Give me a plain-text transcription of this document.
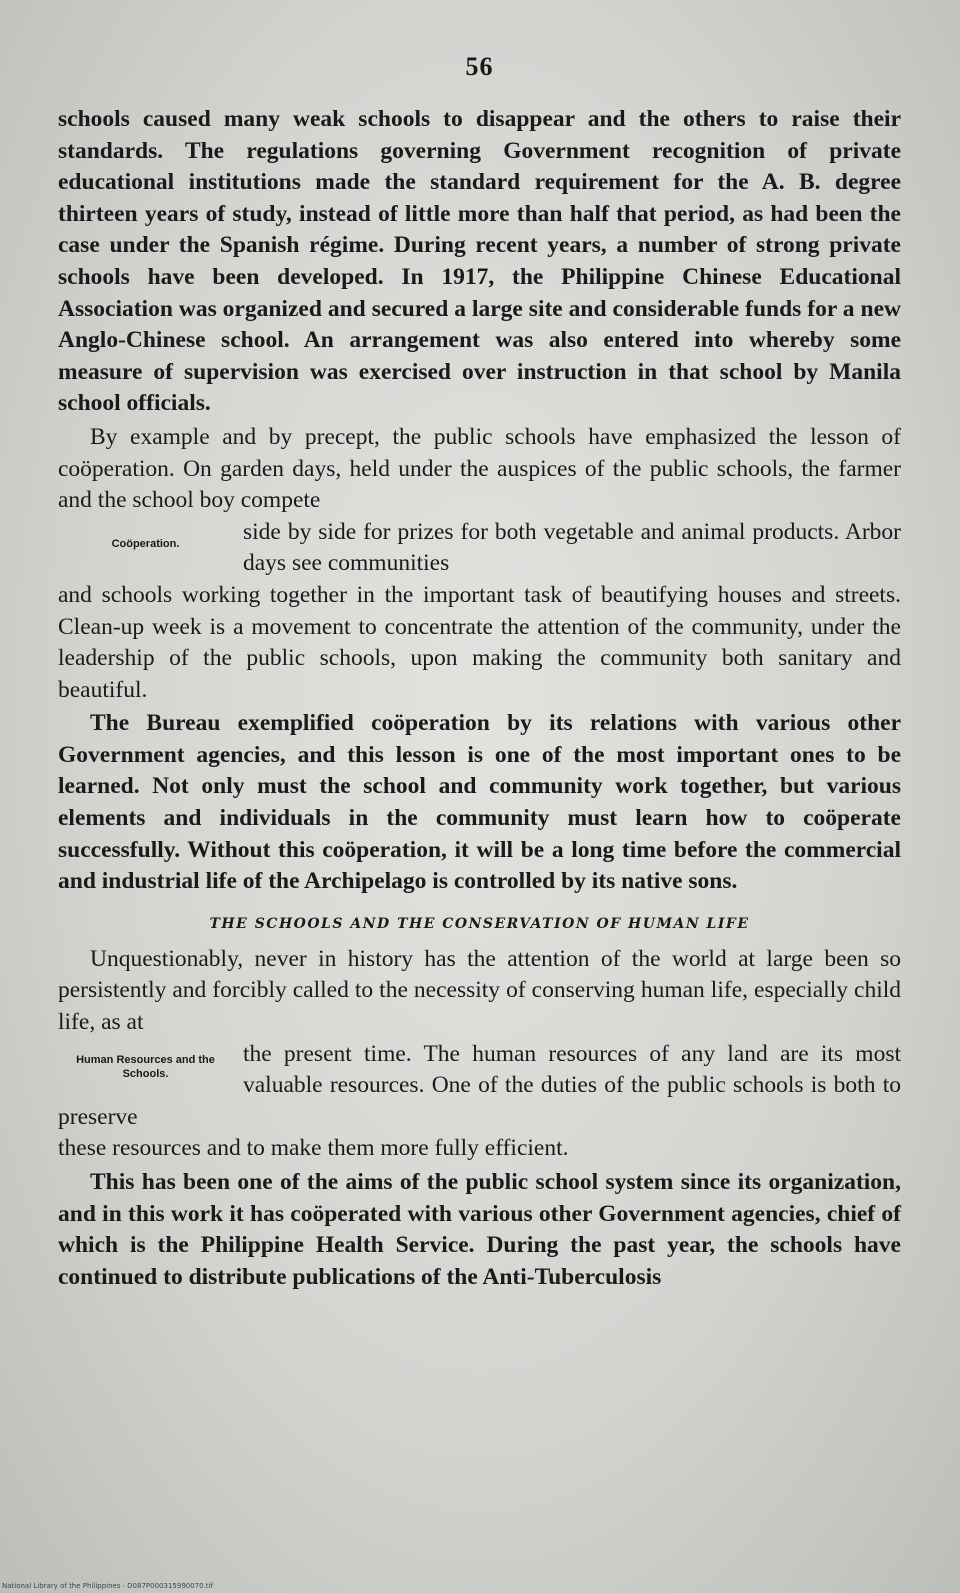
56

schools caused many weak schools to disappear and the others to raise their standards. The regulations governing Government recognition of private educational institutions made the standard requirement for the A. B. degree thirteen years of study, instead of little more than half that period, as had been the case under the Spanish régime. During recent years, a number of strong private schools have been developed. In 1917, the Philippine Chinese Educational Association was organized and secured a large site and considerable funds for a new Anglo-Chinese school. An arrangement was also entered into whereby some measure of supervision was exercised over instruction in that school by Manila school officials.

By example and by precept, the public schools have emphasized the lesson of coöperation. On garden days, held under the auspices of the public schools, the farmer and the school boy compete

Coöperation.	side by side for prizes for both vegetable and animal products. Arbor days see communities

and schools working together in the important task of beautifying houses and streets. Clean-up week is a movement to concentrate the attention of the community, under the leadership of the public schools, upon making the community both sanitary and beautiful.

The Bureau exemplified coöperation by its relations with various other Government agencies, and this lesson is one of the most important ones to be learned. Not only must the school and community work together, but various elements and individuals in the community must learn how to coöperate successfully. Without this coöperation, it will be a long time before the commercial and industrial life of the Archipelago is controlled by its native sons.

THE SCHOOLS AND THE CONSERVATION OF HUMAN LIFE

Unquestionably, never in history has the attention of the world at large been so persistently and forcibly called to the necessity of conserving human life, especially child life, as at

Human Resources and the Schools.

the present time. The human resources of any land are its most valuable resources. One of the duties of the public schools is both to preserve

these resources and to make them more fully efficient.

This has been one of the aims of the public school system since its organization, and in this work it has coöperated with various other Government agencies, chief of which is the Philippine Health Service. During the past year, the schools have continued to distribute publications of the Anti-Tuberculosis

National Library of the Philippines · D087P000315990070.tif
